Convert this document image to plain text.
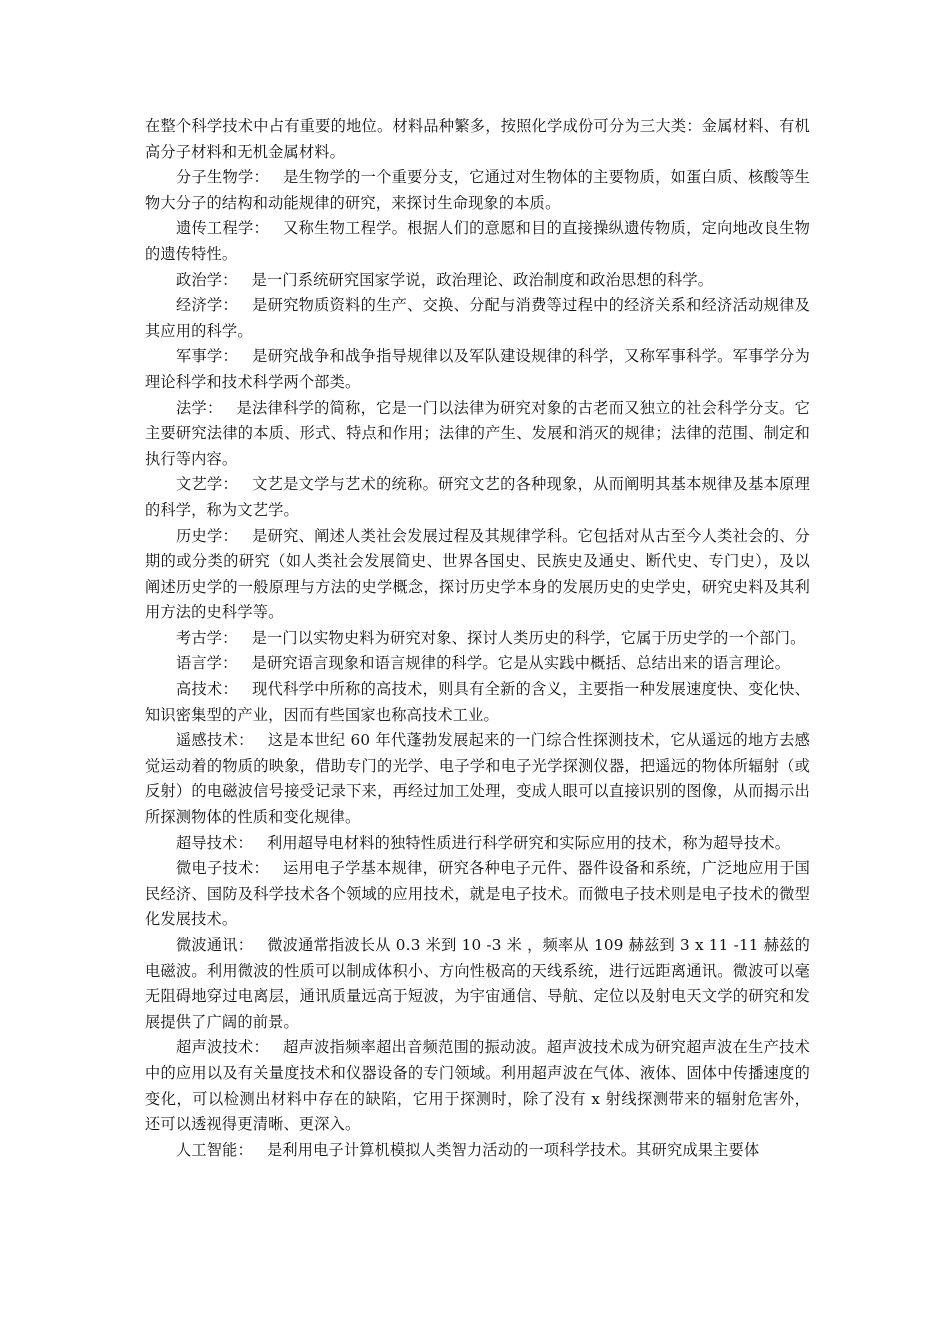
在整个科学技术中占有重要的地位。材料品种繁多，按照化学成份可分为三大类：金属材料、有机高分子材料和无机金属材料。

分子生物学： 是生物学的一个重要分支，它通过对生物体的主要物质，如蛋白质、核酸等生物大分子的结构和动能规律的研究，来探讨生命现象的本质。

遗传工程学： 又称生物工程学。根据人们的意愿和目的直接操纵遗传物质，定向地改良生物的遗传特性。

政治学： 是一门系统研究国家学说，政治理论、政治制度和政治思想的科学。

经济学： 是研究物质资料的生产、交换、分配与消费等过程中的经济关系和经济活动规律及其应用的科学。

军事学： 是研究战争和战争指导规律以及军队建设规律的科学，又称军事科学。军事学分为理论科学和技术科学两个部类。

法学： 是法律科学的简称，它是一门以法律为研究对象的古老而又独立的社会科学分支。它主要研究法律的本质、形式、特点和作用；法律的产生、发展和消灭的规律；法律的范围、制定和执行等内容。

文艺学： 文艺是文学与艺术的统称。研究文艺的各种现象，从而阐明其基本规律及基本原理的科学，称为文艺学。

历史学： 是研究、阐述人类社会发展过程及其规律学科。它包括对从古至今人类社会的、分期的或分类的研究（如人类社会发展简史、世界各国史、民族史及通史、断代史、专门史），及以阐述历史学的一般原理与方法的史学概念，探讨历史学本身的发展历史的史学史，研究史料及其利用方法的史科学等。

考古学： 是一门以实物史料为研究对象、探讨人类历史的科学，它属于历史学的一个部门。

语言学： 是研究语言现象和语言规律的科学。它是从实践中概括、总结出来的语言理论。

高技术： 现代科学中所称的高技术，则具有全新的含义，主要指一种发展速度快、变化快、知识密集型的产业，因而有些国家也称高技术工业。

遥感技术： 这是本世纪 60 年代蓬勃发展起来的一门综合性探测技术，它从遥远的地方去感觉运动着的物质的映象，借助专门的光学、电子学和电子光学探测仪器，把遥远的物体所辐射（或反射）的电磁波信号接受记录下来，再经过加工处理，变成人眼可以直接识别的图像，从而揭示出所探测物体的性质和变化规律。

超导技术： 利用超导电材料的独特性质进行科学研究和实际应用的技术，称为超导技术。

微电子技术： 运用电子学基本规律，研究各种电子元件、器件设备和系统，广泛地应用于国民经济、国防及科学技术各个领域的应用技术，就是电子技术。而微电子技术则是电子技术的微型化发展技术。

微波通讯： 微波通常指波长从 0.3 米到 10 -3 米 ，频率从 109 赫兹到 3 x 11 -11 赫兹的电磁波。利用微波的性质可以制成体积小、方向性极高的天线系统，进行远距离通讯。微波可以毫无阻碍地穿过电离层，通讯质量远高于短波，为宇宙通信、导航、定位以及射电天文学的研究和发展提供了广阔的前景。

超声波技术： 超声波指频率超出音频范围的振动波。超声波技术成为研究超声波在生产技术中的应用以及有关量度技术和仪器设备的专门领域。利用超声波在气体、液体、固体中传播速度的变化，可以检测出材料中存在的缺陷，它用于探测时，除了没有 x 射线探测带来的辐射危害外，还可以透视得更清晰、更深入。

人工智能： 是利用电子计算机模拟人类智力活动的一项科学技术。其研究成果主要体
